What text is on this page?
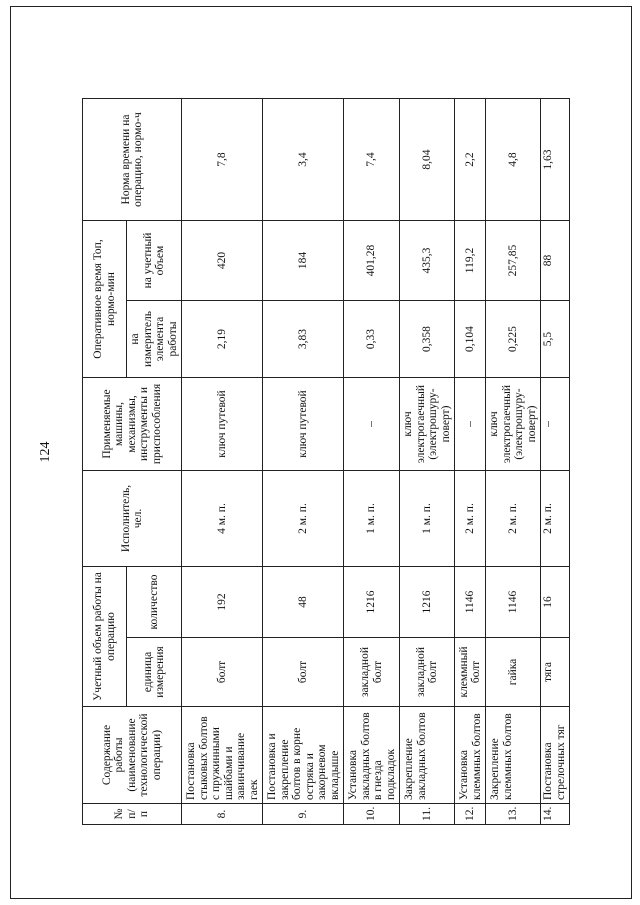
124
№ п/п	Содержание работы (наименование технологической операции)	Учетный объем работы на операцию		Исполнитель, чел.	Применяемые машины, механизмы, инструменты и приспособления	Оперативное время Топ, нормо-мин		Норма времени на операцию, нормо-ч
		единица измерения	количество			на измеритель элемента работы	на учетный объем	
8.	Постановка стыковых болтов с пружинными шайбами и завинчивание гаек	болт	192	4 м. п.	ключ путевой	2,19	420	7,8
9.	Постановка и закрепление болтов в корне остряка и закорневом вкладыше	болт	48	2 м. п.	ключ путевой	3,83	184	3,4
10.	Установка закладных болтов в гнезда подкладок	закладной болт	1216	1 м. п.	–	0,33	401,28	7,4
11.	Закрепление закладных болтов	закладной болт	1216	1 м. п.	ключ электрогаечный (электрошуру-поверт)	0,358	435,3	8,04
12.	Установка клеммных болтов	клеммный болт	1146	2 м. п.	–	0,104	119,2	2,2
13.	Закрепление клеммных болтов	гайка	1146	2 м. п.	ключ электрогаечный (электрошуру-поверт)	0,225	257,85	4,8
14.	Постановка стрелочных тяг	тяга	16	2 м. п.	–	5,5	88	1,63
